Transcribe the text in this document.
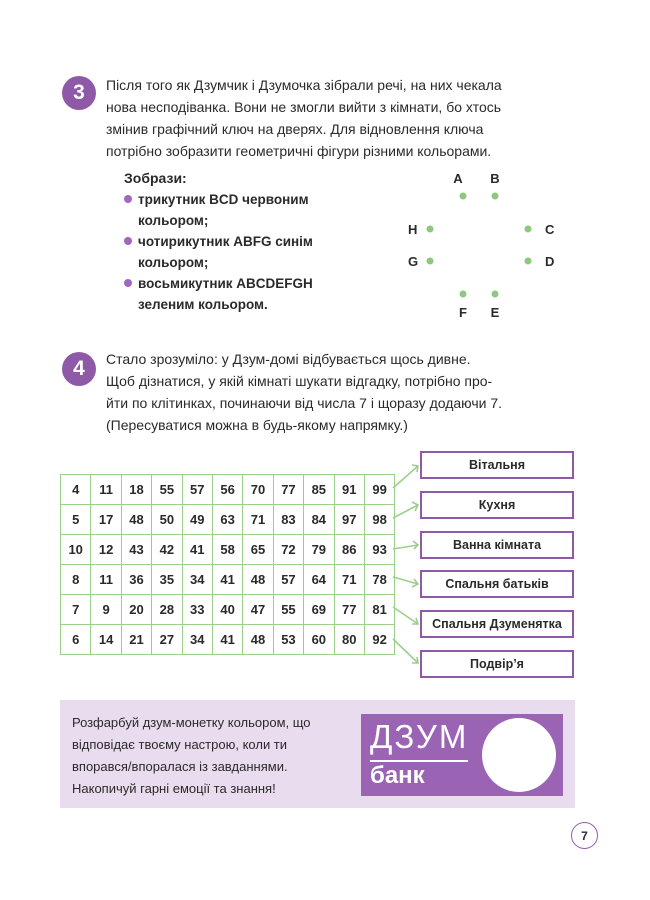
3	Після того як Дзумчик і Дзумочка зібрали речі, на них чекала
нова несподіванка. Вони не змогли вийти з кімнати, бо хтось
змінив графічний ключ на дверях. Для відновлення ключа
потрібно зобразити геометричні фігури різними кольорами.
Зобрази:
трикутник BCD червоним кольором;
чотирикутник ABFG синім кольором;
восьмикутник ABCDEFGH зеленим кольором.
A B
C
D
E
F
G
H
4	Стало зрозуміло: у Дзум-домі відбувається щось дивне.
Щоб дізнатися, у якій кімнаті шукати відгадку, потрібно про-
йти по клітинках, починаючи від числа 7 і щоразу додаючи 7.
(Пересуватися можна в будь-якому напрямку.)
4	11	18	55	57	56	70	77	85	91	99
5	17	48	50	49	63	71	83	84	97	98
10	12	43	42	41	58	65	72	79	86	93
8	11	36	35	34	41	48	57	64	71	78
7	9	20	28	33	40	47	55	69	77	81
6	14	21	27	34	41	48	53	60	80	92
Вітальня
Кухня
Ванна кімната
Спальня батьків
Спальня Дзуменятка
Подвір’я
Розфарбуй дзум-монетку кольором, що
відповідає твоєму настрою, коли ти
впорався/впоралася із завданнями.
Накопичуй гарні емоції та знання!
ДЗУМ
банк
7
